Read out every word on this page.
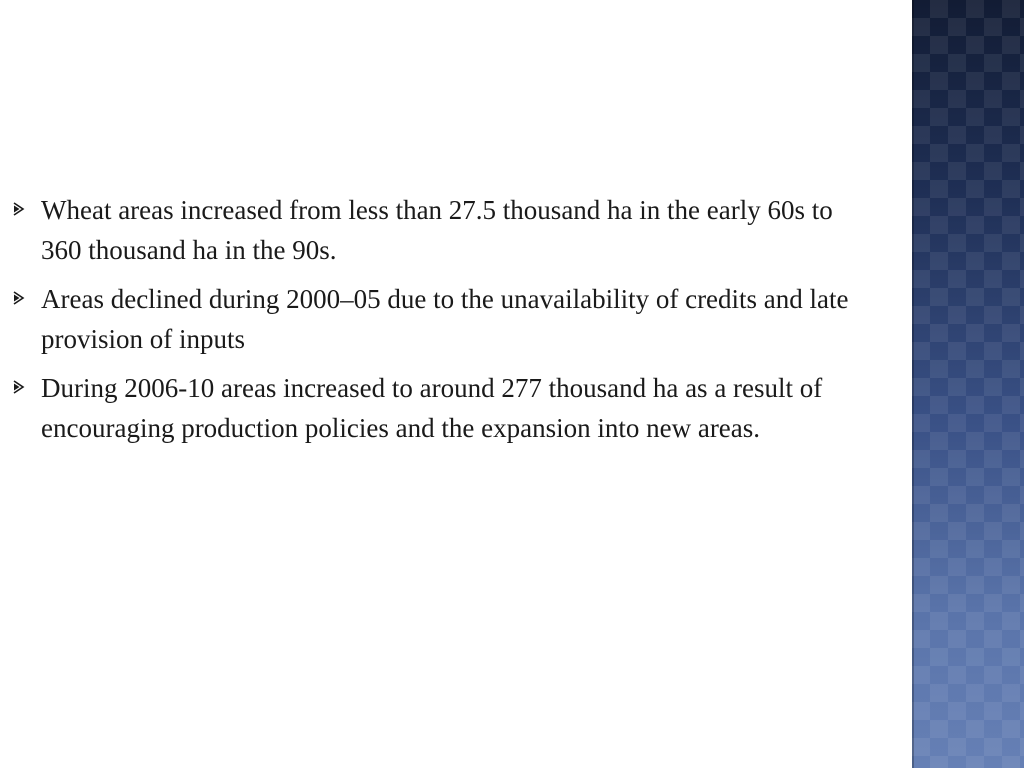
Wheat areas increased from less than 27.5 thousand ha in the early 60s to 360 thousand ha in the 90s.
Areas declined during 2000–05 due to the unavailability of credits and late provision of inputs
During 2006-10 areas increased to around 277 thousand ha as a result of encouraging production policies and the expansion into new areas.
